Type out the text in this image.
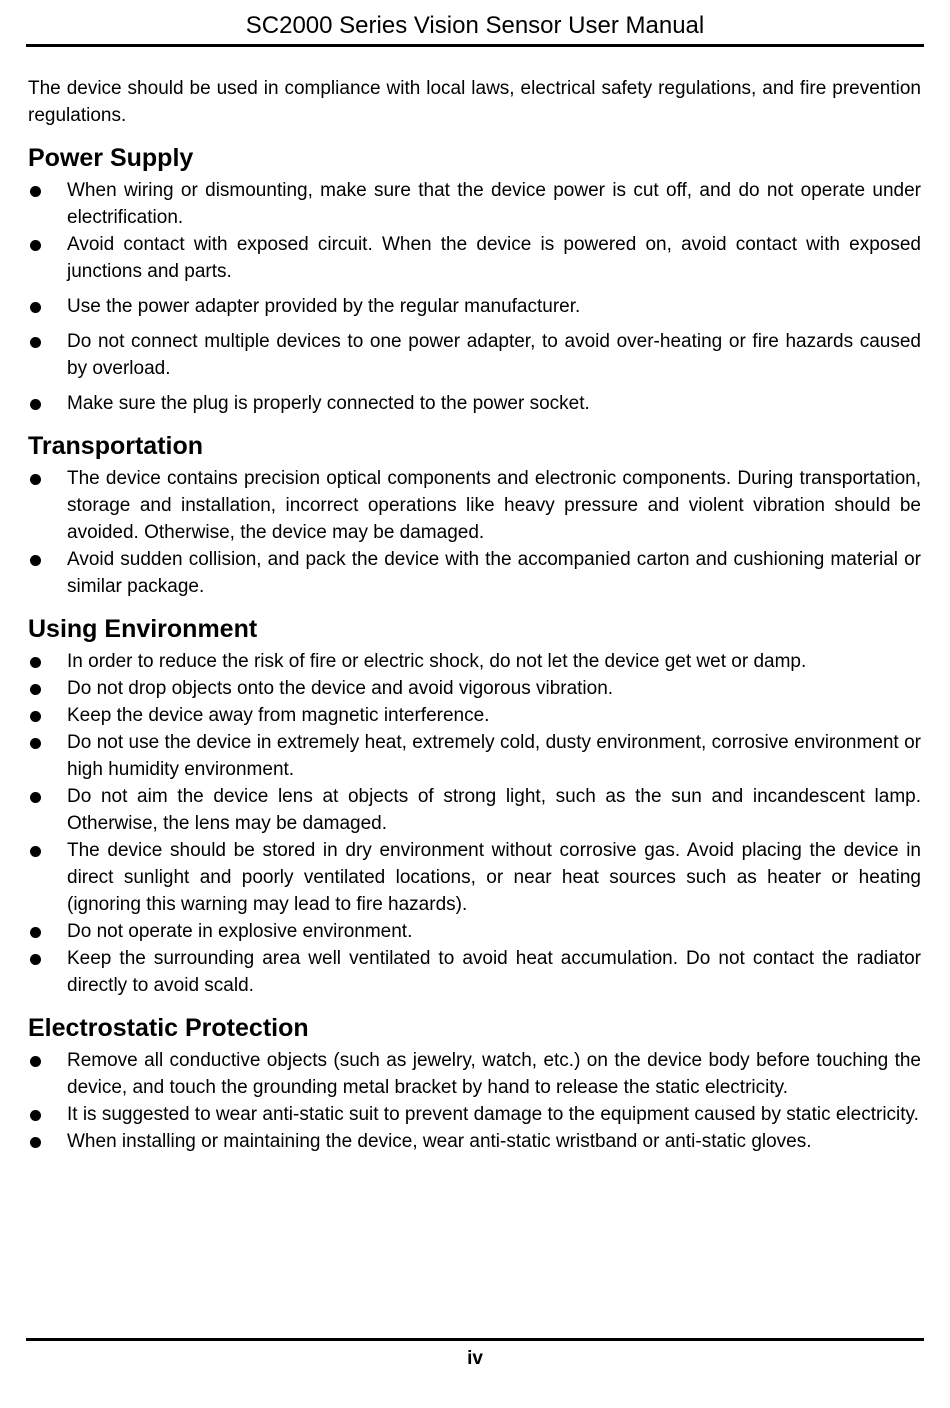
SC2000 Series Vision Sensor User Manual

The device should be used in compliance with local laws, electrical safety regulations, and fire prevention regulations.

Power Supply
When wiring or dismounting, make sure that the device power is cut off, and do not operate under electrification.
Avoid contact with exposed circuit. When the device is powered on, avoid contact with exposed junctions and parts.
Use the power adapter provided by the regular manufacturer.
Do not connect multiple devices to one power adapter, to avoid over-heating or fire hazards caused by overload.
Make sure the plug is properly connected to the power socket.
Transportation
The device contains precision optical components and electronic components. During transportation, storage and installation, incorrect operations like heavy pressure and violent vibration should be avoided. Otherwise, the device may be damaged.
Avoid sudden collision, and pack the device with the accompanied carton and cushioning material or similar package.
Using Environment
In order to reduce the risk of fire or electric shock, do not let the device get wet or damp.
Do not drop objects onto the device and avoid vigorous vibration.
Keep the device away from magnetic interference.
Do not use the device in extremely heat, extremely cold, dusty environment, corrosive environment or high humidity environment.
Do not aim the device lens at objects of strong light, such as the sun and incandescent lamp. Otherwise, the lens may be damaged.
The device should be stored in dry environment without corrosive gas. Avoid placing the device in direct sunlight and poorly ventilated locations, or near heat sources such as heater or heating (ignoring this warning may lead to fire hazards).
Do not operate in explosive environment.
Keep the surrounding area well ventilated to avoid heat accumulation. Do not contact the radiator directly to avoid scald.
Electrostatic Protection
Remove all conductive objects (such as jewelry, watch, etc.) on the device body before touching the device, and touch the grounding metal bracket by hand to release the static electricity.
It is suggested to wear anti-static suit to prevent damage to the equipment caused by static electricity.
When installing or maintaining the device, wear anti-static wristband or anti-static gloves.
iv
